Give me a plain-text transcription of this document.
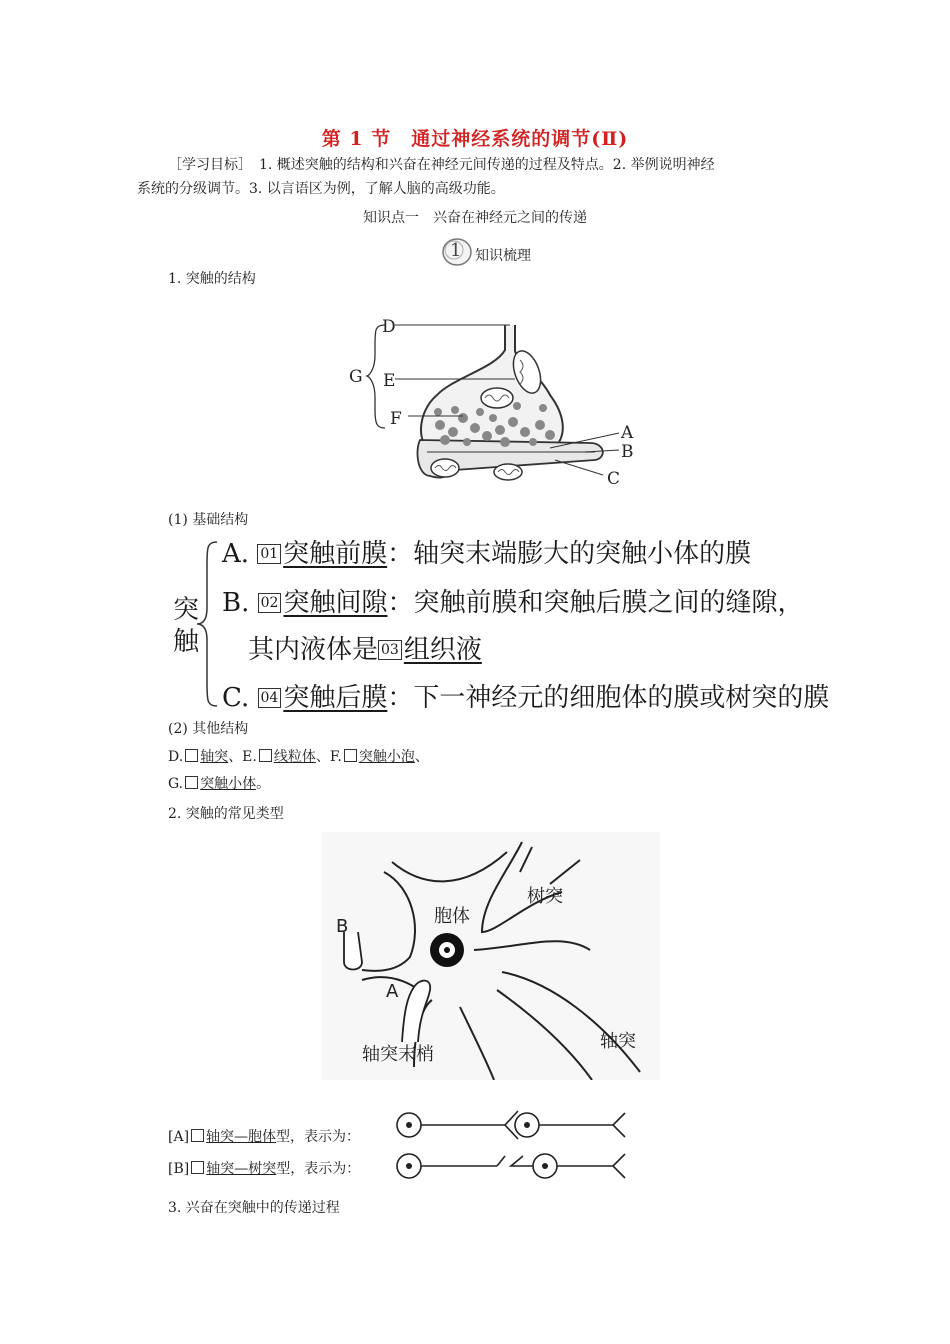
第 1 节　通过神经系统的调节(Ⅱ)
［学习目标］　1. 概述突触的结构和兴奋在神经元间传递的过程及特点。2. 举例说明神经
系统的分级调节。3. 以言语区为例，了解人脑的高级功能。
知识点一　兴奋在神经元之间的传递
1 知识梳理
1. 突触的结构
D
G E
F
A
B
C
(1) 基础结构
突
触
A. 01 突触前膜：轴突末端膨大的突触小体的膜
B. 02 突触间隙：突触前膜和突触后膜之间的缝隙，
其内液体是 03 组织液
C. 04 突触后膜：下一神经元的细胞体的膜或树突的膜
(2) 其他结构
D. 轴突、E. 线粒体、F. 突触小泡、
G. 突触小体。
2. 突触的常见类型
胞体
树突
轴突
轴突末梢
A
B
[A] 轴突—胞体型，表示为：
[B] 轴突—树突型，表示为：
3. 兴奋在突触中的传递过程
